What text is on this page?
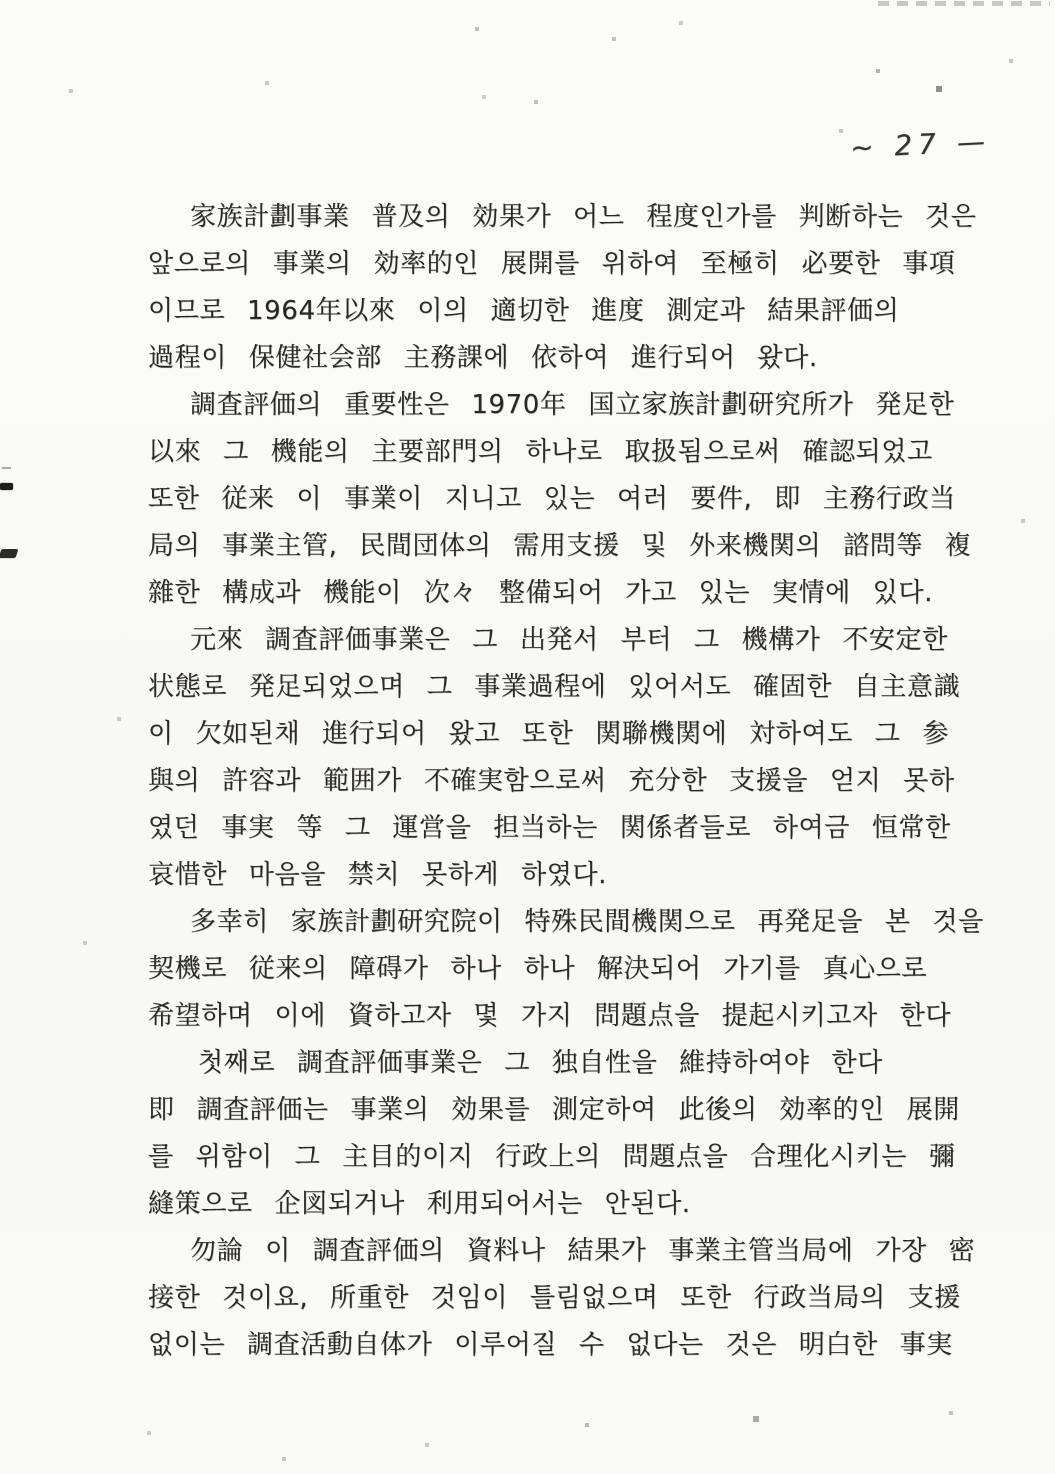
~ 27 —
家族計劃事業 普及의 効果가 어느 程度인가를 判断하는 것은
앞으로의 事業의 効率的인 展開를 위하여 至極히 必要한 事項
이므로 1964年以來 이의 適切한 進度 測定과 結果評価의
過程이 保健社会部 主務課에 依하여 進行되어 왔다.
調査評価의 重要性은 1970年 国立家族計劃研究所가 発足한
以來 그 機能의 主要部門의 하나로 取扱됨으로써 確認되었고
또한 従来 이 事業이 지니고 있는 여러 要件, 即 主務行政当
局의 事業主管, 民間団体의 需用支援 및 外来機関의 諮問等 複
雜한 構成과 機能이 次々 整備되어 가고 있는 実情에 있다.
元來 調査評価事業은 그 出発서 부터 그 機構가 不安定한
状態로 発足되었으며 그 事業過程에 있어서도 確固한 自主意識
이 欠如된채 進行되어 왔고 또한 関聯機関에 対하여도 그 参
與의 許容과 範囲가 不確実함으로써 充分한 支援을 얻지 못하
였던 事実 等 그 運営을 担当하는 関係者들로 하여금 恒常한
哀惜한 마음을 禁치 못하게 하였다.
多幸히 家族計劃研究院이 特殊民間機関으로 再発足을 본 것을
契機로 従来의 障碍가 하나 하나 解決되어 가기를 真心으로
希望하며 이에 資하고자 몇 가지 問題点을 提起시키고자 한다
첫째로 調査評価事業은 그 独自性을 維持하여야 한다
即 調査評価는 事業의 効果를 測定하여 此後의 効率的인 展開
를 위함이 그 主目的이지 行政上의 問題点을 合理化시키는 彌
縫策으로 企図되거나 利用되어서는 안된다.
勿論 이 調査評価의 資料나 結果가 事業主管当局에 가장 密
接한 것이요, 所重한 것임이 틀림없으며 또한 行政当局의 支援
없이는 調査活動自体가 이루어질 수 없다는 것은 明白한 事実
